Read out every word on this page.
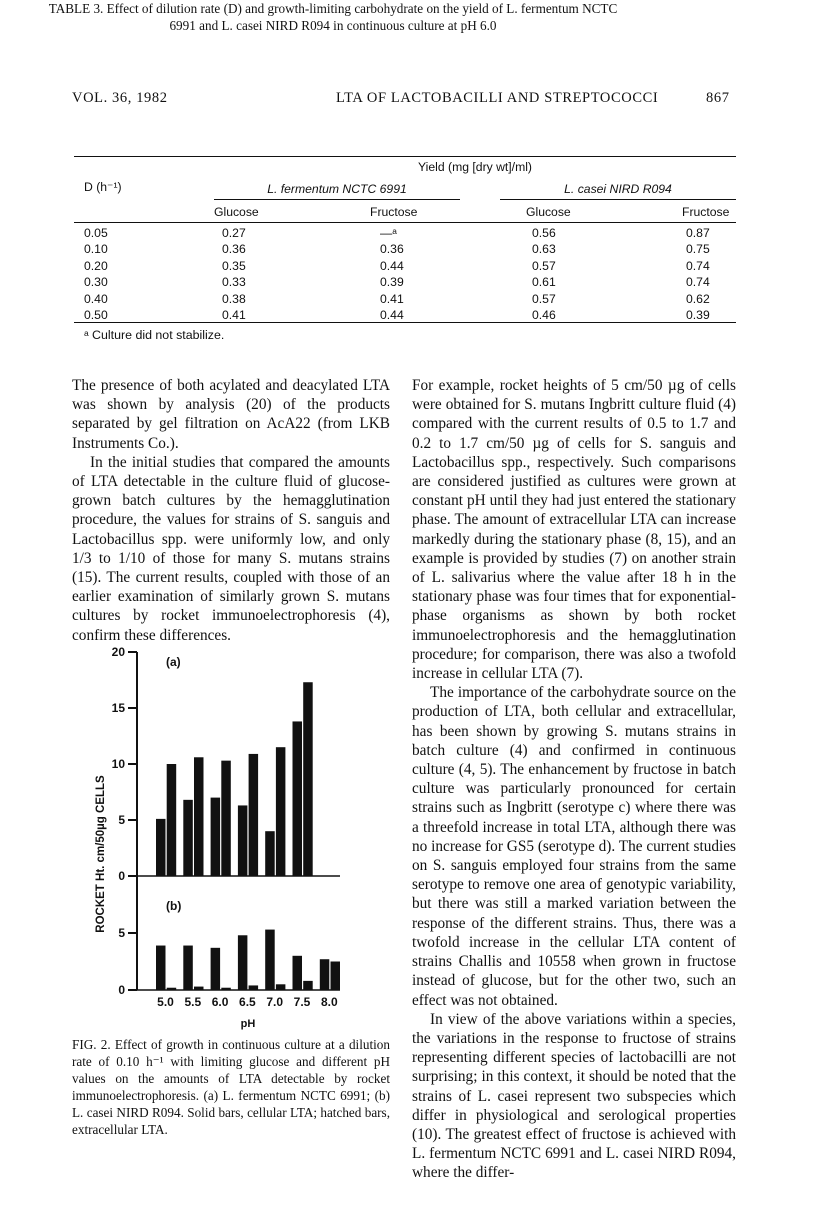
VOL. 36, 1982	LTA OF LACTOBACILLI AND STREPTOCOCCI	867
TABLE 3. Effect of dilution rate (D) and growth-limiting carbohydrate on the yield of L. fermentum NCTC
6991 and L. casei NIRD R094 in continuous culture at pH 6.0
D (h⁻¹)
Yield (mg [dry wt]/ml)
L. fermentum NCTC 6991	L. casei NIRD R094
Glucose	Fructose	Glucose	Fructose
0.05	0.27	—ᵃ	0.56	0.87
0.10	0.36	0.36	0.63	0.75
0.20	0.35	0.44	0.57	0.74
0.30	0.33	0.39	0.61	0.74
0.40	0.38	0.41	0.57	0.62
0.50	0.41	0.44	0.46	0.39
ᵃ Culture did not stabilize.

The presence of both acylated and deacylated LTA was shown by analysis (20) of the products separated by gel filtration on AcA22 (from LKB Instruments Co.).

In the initial studies that compared the amounts of LTA detectable in the culture fluid of glucose-grown batch cultures by the hemagglutination procedure, the values for strains of S. sanguis and Lactobacillus spp. were uniformly low, and only 1/3 to 1/10 of those for many S. mutans strains (15). The current results, coupled with those of an earlier examination of similarly grown S. mutans cultures by rocket immunoelectrophoresis (4), confirm these differences.

For example, rocket heights of 5 cm/50 µg of cells were obtained for S. mutans Ingbritt culture fluid (4) compared with the current results of 0.5 to 1.7 and 0.2 to 1.7 cm/50 µg of cells for S. sanguis and Lactobacillus spp., respectively. Such comparisons are considered justified as cultures were grown at constant pH until they had just entered the stationary phase. The amount of extracellular LTA can increase markedly during the stationary phase (8, 15), and an example is provided by studies (7) on another strain of L. salivarius where the value after 18 h in the stationary phase was four times that for exponential-phase organisms as shown by both rocket immunoelectrophoresis and the hemagglutination procedure; for comparison, there was also a twofold increase in cellular LTA (7).

The importance of the carbohydrate source on the production of LTA, both cellular and extracellular, has been shown by growing S. mutans strains in batch culture (4) and confirmed in continuous culture (4, 5). The enhancement by fructose in batch culture was particularly pronounced for certain strains such as Ingbritt (serotype c) where there was a threefold increase in total LTA, although there was no increase for GS5 (serotype d). The current studies on S. sanguis employed four strains from the same serotype to remove one area of genotypic variability, but there was still a marked variation between the response of the different strains. Thus, there was a twofold increase in the cellular LTA content of strains Challis and 10558 when grown in fructose instead of glucose, but for the other two, such an effect was not obtained.

In view of the above variations within a species, the variations in the response to fructose of strains representing different species of lactobacilli are not surprising; in this context, it should be noted that the strains of L. casei represent two subspecies which differ in physiological and serological properties (10). The greatest effect of fructose is achieved with L. fermentum NCTC 6991 and L. casei NIRD R094, where the differ-

(a)
(b)
ROCKET Ht. cm/50µg CELLS
pH
20
15
10
5
0
5
0
5.0 5.5 6.0 6.5 7.0 7.5 8.0
FIG. 2. Effect of growth in continuous culture at a dilution rate of 0.10 h⁻¹ with limiting glucose and different pH values on the amounts of LTA detectable by rocket immunoelectrophoresis. (a) L. fermentum NCTC 6991; (b) L. casei NIRD R094. Solid bars, cellular LTA; hatched bars, extracellular LTA.
